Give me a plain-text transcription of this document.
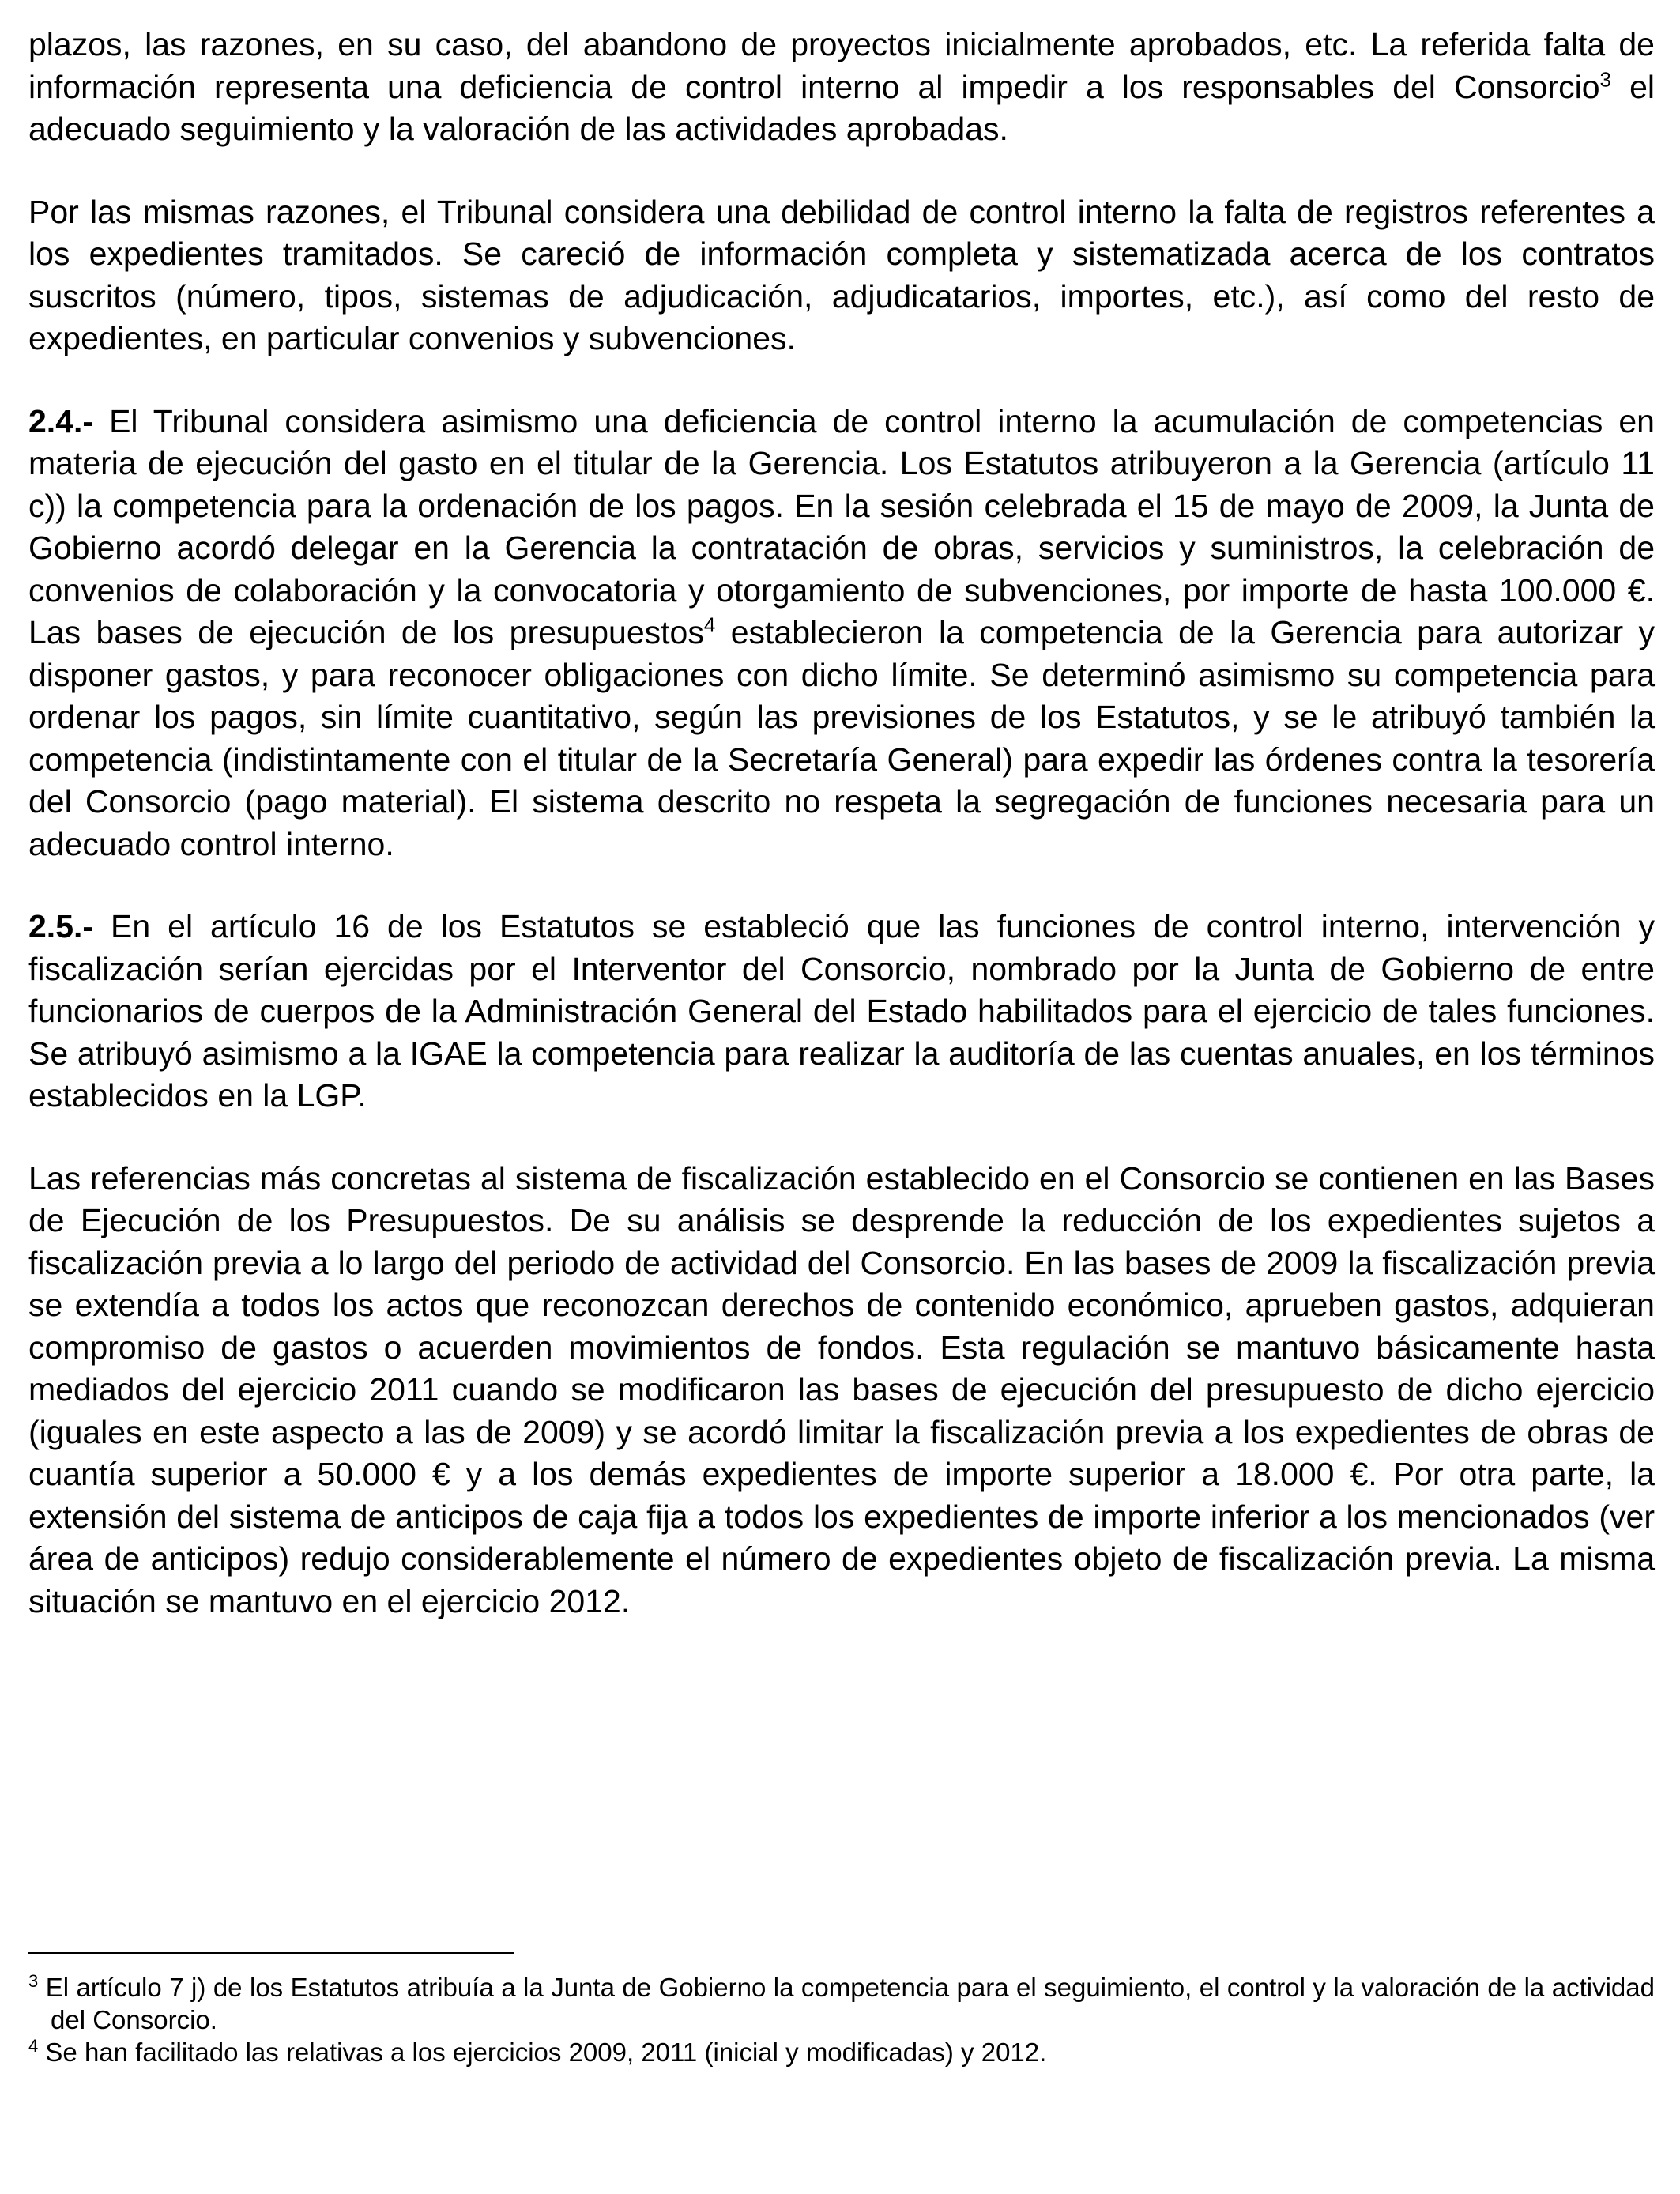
plazos, las razones, en su caso, del abandono de proyectos inicialmente aprobados, etc. La referida falta de información representa una deficiencia de control interno al impedir a los responsables del Consorcio$^3$ el adecuado seguimiento y la valoración de las actividades aprobadas.

Por las mismas razones, el Tribunal considera una debilidad de control interno la falta de registros referentes a los expedientes tramitados. Se careció de información completa y sistematizada acerca de los contratos suscritos (número, tipos, sistemas de adjudicación, adjudicatarios, importes, etc.), así como del resto de expedientes, en particular convenios y subvenciones.

2.4.- El Tribunal considera asimismo una deficiencia de control interno la acumulación de competencias en materia de ejecución del gasto en el titular de la Gerencia. Los Estatutos atribuyeron a la Gerencia (artículo 11 c)) la competencia para la ordenación de los pagos. En la sesión celebrada el 15 de mayo de 2009, la Junta de Gobierno acordó delegar en la Gerencia la contratación de obras, servicios y suministros, la celebración de convenios de colaboración y la convocatoria y otorgamiento de subvenciones, por importe de hasta 100.000 €. Las bases de ejecución de los presupuestos$^4$ establecieron la competencia de la Gerencia para autorizar y disponer gastos, y para reconocer obligaciones con dicho límite. Se determinó asimismo su competencia para ordenar los pagos, sin límite cuantitativo, según las previsiones de los Estatutos, y se le atribuyó también la competencia (indistintamente con el titular de la Secretaría General) para expedir las órdenes contra la tesorería del Consorcio (pago material). El sistema descrito no respeta la segregación de funciones necesaria para un adecuado control interno.

2.5.- En el artículo 16 de los Estatutos se estableció que las funciones de control interno, intervención y fiscalización serían ejercidas por el Interventor del Consorcio, nombrado por la Junta de Gobierno de entre funcionarios de cuerpos de la Administración General del Estado habilitados para el ejercicio de tales funciones. Se atribuyó asimismo a la IGAE la competencia para realizar la auditoría de las cuentas anuales, en los términos establecidos en la LGP.

Las referencias más concretas al sistema de fiscalización establecido en el Consorcio se contienen en las Bases de Ejecución de los Presupuestos. De su análisis se desprende la reducción de los expedientes sujetos a fiscalización previa a lo largo del periodo de actividad del Consorcio. En las bases de 2009 la fiscalización previa se extendía a todos los actos que reconozcan derechos de contenido económico, aprueben gastos, adquieran compromiso de gastos o acuerden movimientos de fondos. Esta regulación se mantuvo básicamente hasta mediados del ejercicio 2011 cuando se modificaron las bases de ejecución del presupuesto de dicho ejercicio (iguales en este aspecto a las de 2009) y se acordó limitar la fiscalización previa a los expedientes de obras de cuantía superior a 50.000 € y a los demás expedientes de importe superior a 18.000 €. Por otra parte, la extensión del sistema de anticipos de caja fija a todos los expedientes de importe inferior a los mencionados (ver área de anticipos) redujo considerablemente el número de expedientes objeto de fiscalización previa. La misma situación se mantuvo en el ejercicio 2012.

$^3$ El artículo 7 j) de los Estatutos atribuía a la Junta de Gobierno la competencia para el seguimiento, el control y la valoración de la actividad del Consorcio.

$^4$ Se han facilitado las relativas a los ejercicios 2009, 2011 (inicial y modificadas) y 2012.
